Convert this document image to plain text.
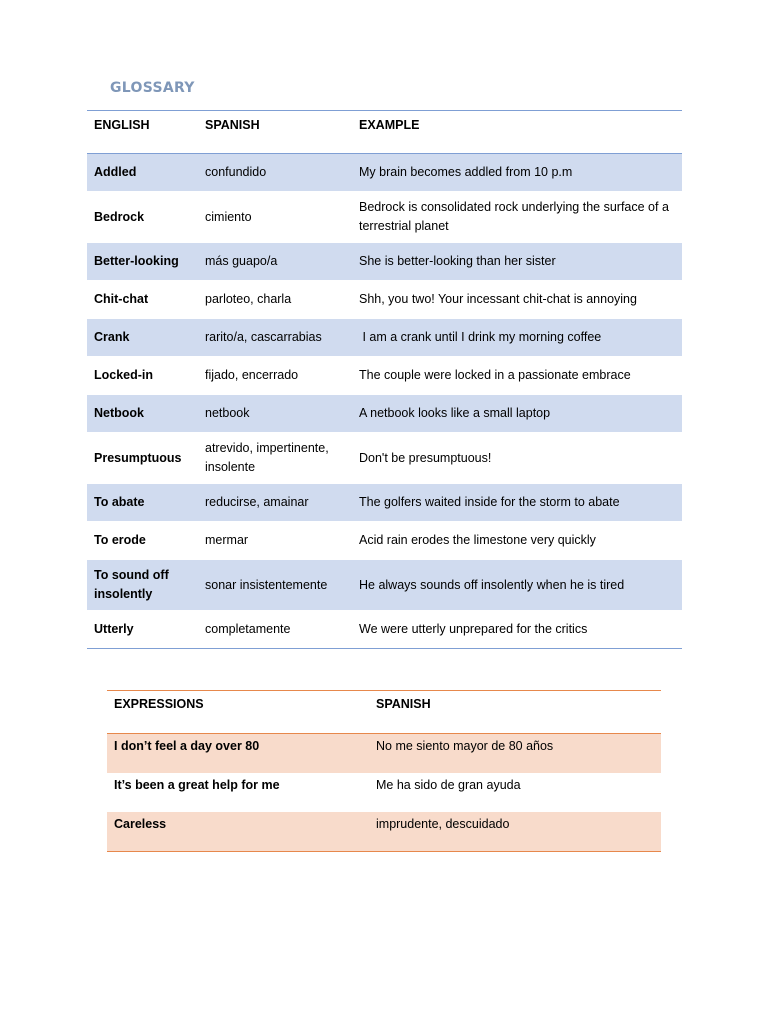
GLOSSARY
ENGLISH	SPANISH	EXAMPLE
Addled	confundido	My brain becomes addled from 10 p.m
Bedrock	cimiento	Bedrock is consolidated rock underlying the surface of a terrestrial planet
Better-looking	más guapo/a	She is better-looking than her sister
Chit-chat	parloteo, charla	Shh, you two! Your incessant chit-chat is annoying
Crank	rarito/a, cascarrabias	I am a crank until I drink my morning coffee
Locked-in	fijado, encerrado	The couple were locked in a passionate embrace
Netbook	netbook	A netbook looks like a small laptop
Presumptuous	atrevido, impertinente, insolente	Don't be presumptuous!
To abate	reducirse, amainar	The golfers waited inside for the storm to abate
To erode	mermar	Acid rain erodes the limestone very quickly
To sound off insolently	sonar insistentemente	He always sounds off insolently when he is tired
Utterly	completamente	We were utterly unprepared for the critics
EXPRESSIONS	SPANISH
I don’t feel a day over 80	No me siento mayor de 80 años
It’s been a great help for me	Me ha sido de gran ayuda
Careless	imprudente, descuidado
